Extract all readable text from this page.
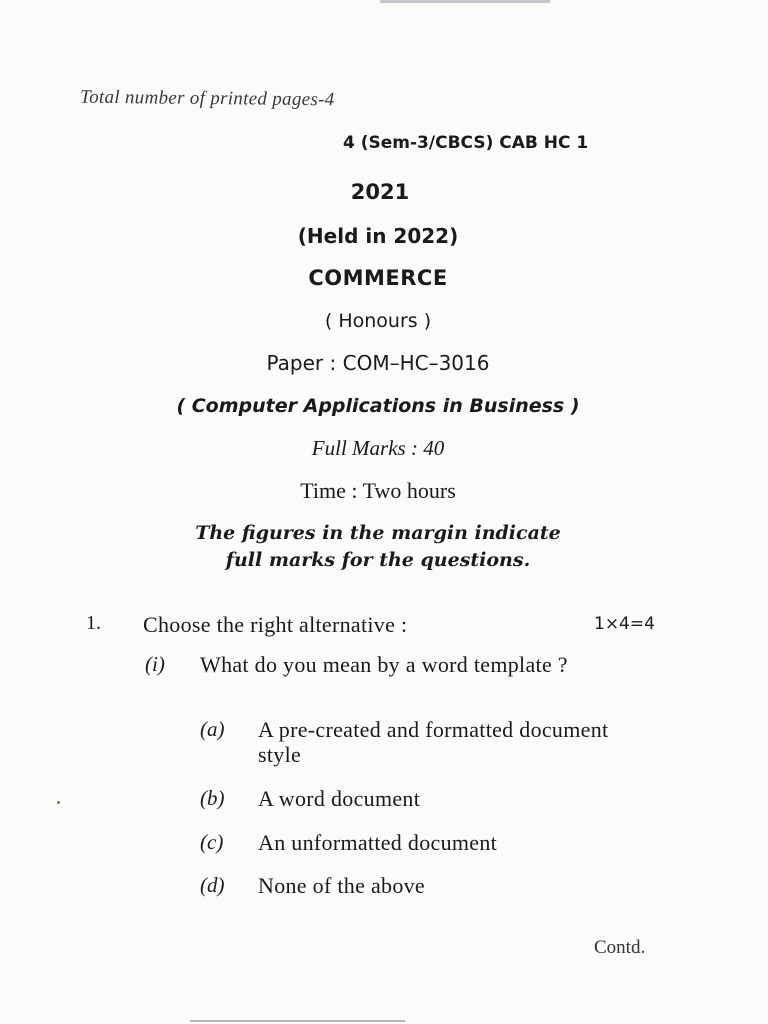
Total number of printed pages-4
4 (Sem-3/CBCS) CAB HC 1
2021
(Held in 2022)
COMMERCE
( Honours )
Paper : COM–HC–3016
( Computer Applications in Business )
Full Marks : 40
Time : Two hours
The figures in the margin indicate
full marks for the questions.
1. Choose the right alternative :	1×4=4
(i) What do you mean by a word template ?
(a) A pre-created and formatted document style
(b) A word document
(c) An unformatted document
(d) None of the above
Contd.
